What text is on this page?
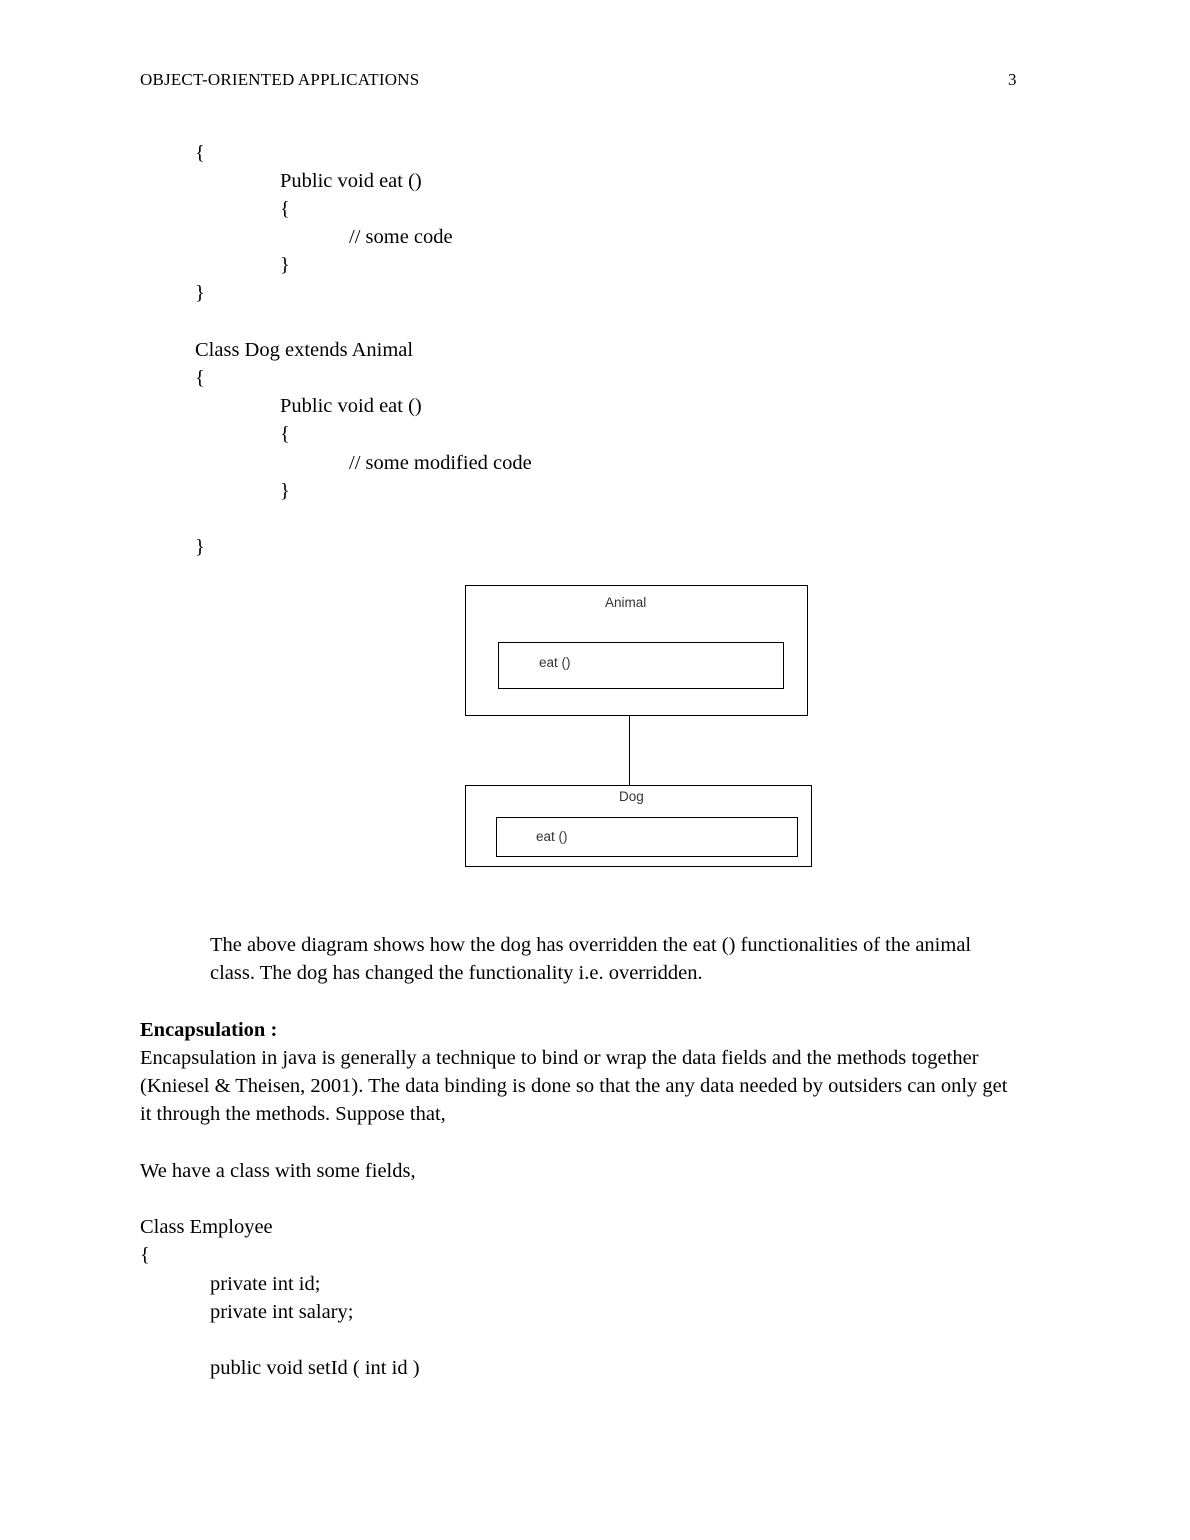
OBJECT-ORIENTED APPLICATIONS	3
{
Public void eat ()
{
// some code
}
}
Class Dog extends Animal
{
Public void eat ()
{
// some modified code
}
}
Animal
eat ()
Dog
eat ()
The above diagram shows how the dog has overridden the eat () functionalities of the animal
class. The dog has changed the functionality i.e. overridden.
Encapsulation :
Encapsulation in java is generally a technique to bind or wrap the data fields and the methods together
(Kniesel & Theisen, 2001). The data binding is done so that the any data needed by outsiders can only get
it through the methods. Suppose that,
We have a class with some fields,
Class Employee
{
private int id;
private int salary;
public void setId ( int id )
